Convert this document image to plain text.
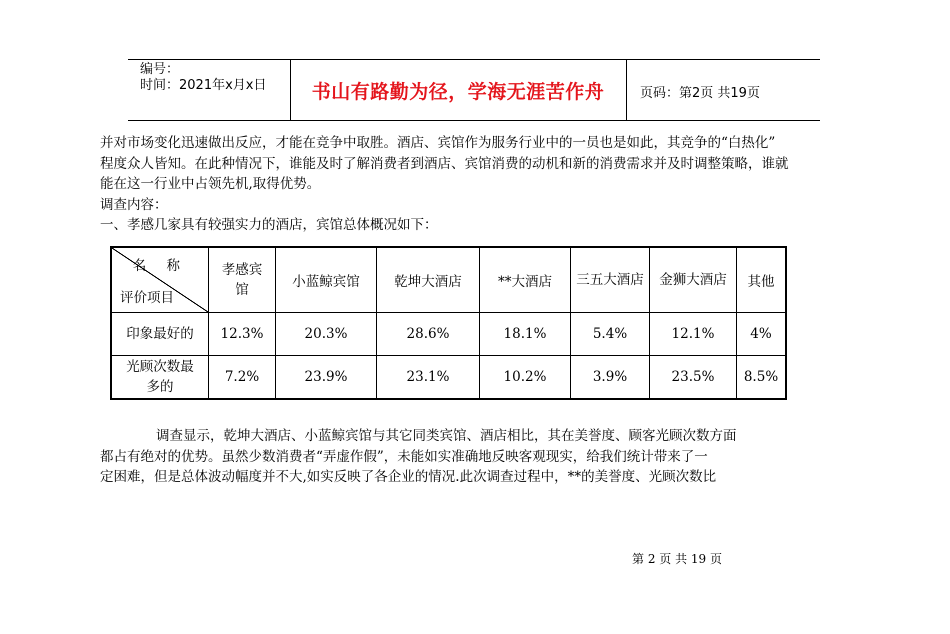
编号：
时间：2021年x月x日	书山有路勤为径，学海无涯苦作舟	页码：第2页 共19页

并对市场变化迅速做出反应，才能在竞争中取胜。酒店、宾馆作为服务行业中的一员也是如此，其竞争的“白热化”

程度众人皆知。在此种情况下，谁能及时了解消费者到酒店、宾馆消费的动机和新的消费需求并及时调整策略，谁就

能在这一行业中占领先机,取得优势。

调查内容：

一、孝感几家具有较强实力的酒店，宾馆总体概况如下：

名 称
评价项目	孝感宾馆	小蓝鲸宾馆	乾坤大酒店	**大酒店	三五大酒店	金狮大酒店	其他

印象最好的	12.3%	20.3%	28.6%	18.1%	5.4%	12.1%	4%

光顾次数最多的	7.2%	23.9%	23.1%	10.2%	3.9%	23.5%	8.5%

调查显示，乾坤大酒店、小蓝鲸宾馆与其它同类宾馆、酒店相比，其在美誉度、顾客光顾次数方面

都占有绝对的优势。虽然少数消费者“弄虚作假”，未能如实准确地反映客观现实，给我们统计带来了一

定困难，但是总体波动幅度并不大,如实反映了各企业的情况.此次调查过程中，**的美誉度、光顾次数比

第 2 页 共 19 页
